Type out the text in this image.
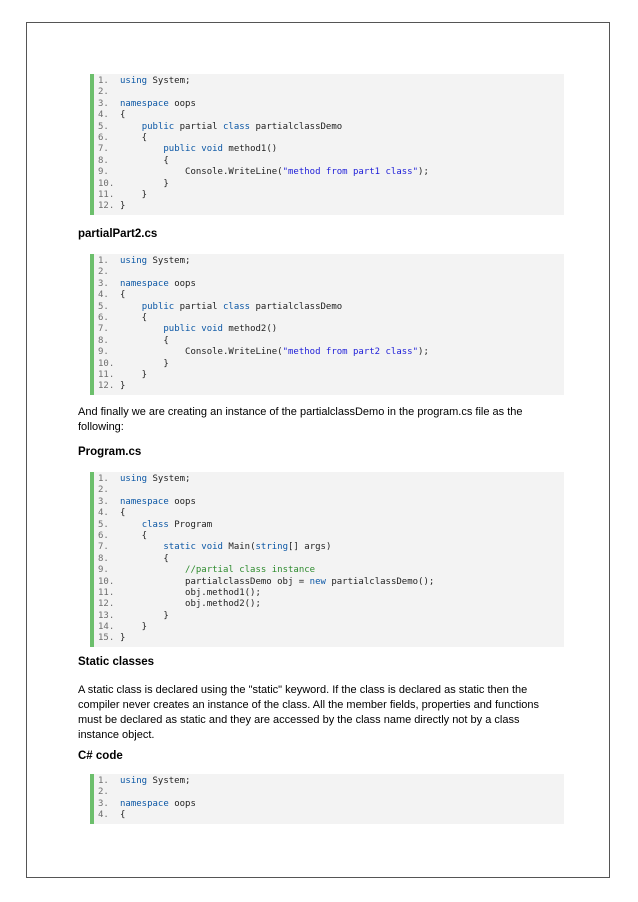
1.  using System;
2.
3.  namespace oops
4.  {
5.      public partial class partialclassDemo
6.      {
7.	public void method1()
8.          {
9.              Console.WriteLine("method from part1 class");
10.         }
11.     }
12. }
partialPart2.cs
1.  using System;
2.
3.  namespace oops
4.  {
5.      public partial class partialclassDemo
6.      {
7.	public void method2()
8.          {
9.              Console.WriteLine("method from part2 class");
10.         }
11.     }
12. }
And finally we are creating an instance of the partialclassDemo in the program.cs file as the following:
Program.cs
1.  using System;
2.
3.  namespace oops
4.  {
5.      class Program
6.      {
7.	static void Main(string[] args)
8.          {
9.	//partial class instance
10.             partialclassDemo obj = new partialclassDemo();
11.             obj.method1();
12.             obj.method2();
13.         }
14.     }
15. }
Static classes
A static class is declared using the "static" keyword. If the class is declared as static then the compiler never creates an instance of the class. All the member fields, properties and functions must be declared as static and they are accessed by the class name directly not by a class instance object.
C# code
1.  using System;
2.
3.  namespace oops
4.  {
